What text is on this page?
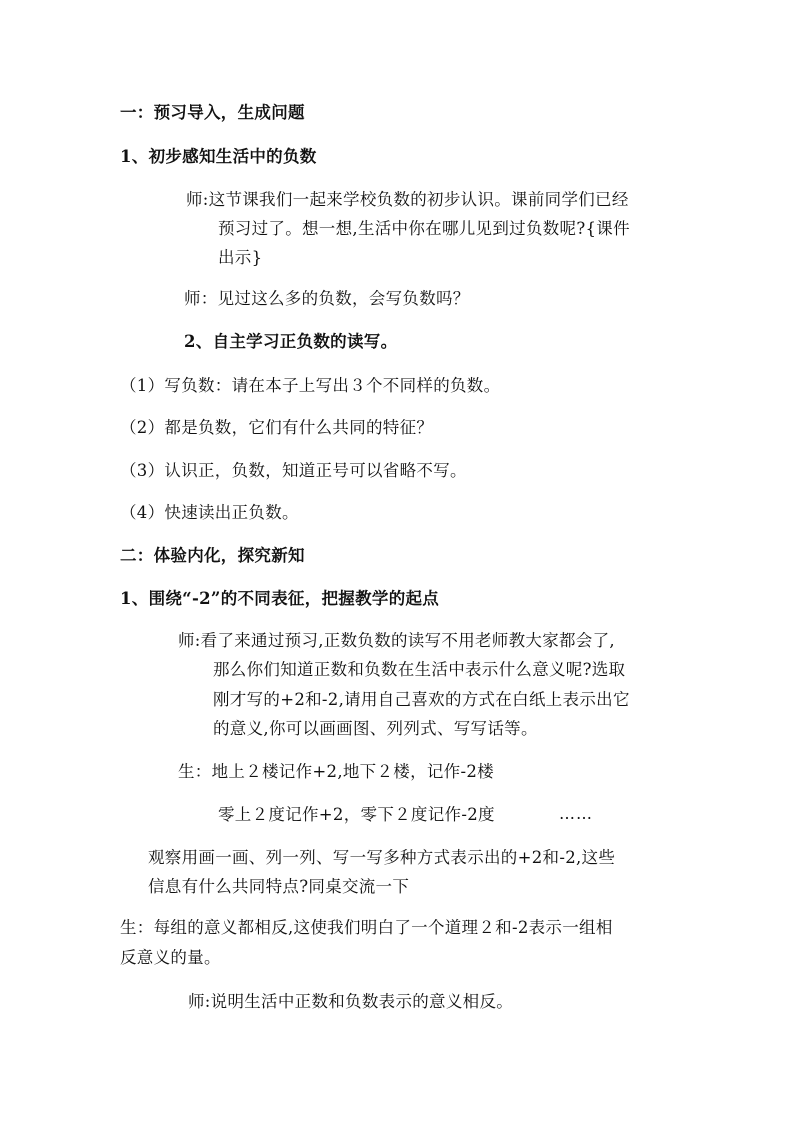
一：预习导入，生成问题
1、初步感知生活中的负数
师:这节课我们一起来学校负数的初步认识。课前同学们已经
预习过了。想一想,生活中你在哪儿见到过负数呢?{课件
出示}
师：见过这么多的负数，会写负数吗？
2、自主学习正负数的读写。
（1）写负数：请在本子上写出３个不同样的负数。
（2）都是负数，它们有什么共同的特征？
（3）认识正，负数，知道正号可以省略不写。
（4）快速读出正负数。
二：体验内化，探究新知
1、围绕“-2”的不同表征，把握教学的起点
师:看了来通过预习,正数负数的读写不用老师教大家都会了,
那么你们知道正数和负数在生活中表示什么意义呢?选取
刚才写的+2和-2,请用自己喜欢的方式在白纸上表示出它
的意义,你可以画画图、列列式、写写话等。
生：地上２楼记作+2,地下２楼，记作-2楼
零上２度记作+2，零下２度记作-2度	……
观察用画一画、列一列、写一写多种方式表示出的+2和-2,这些
信息有什么共同特点?同桌交流一下
生：每组的意义都相反,这使我们明白了一个道理２和-2表示一组相
反意义的量。
师:说明生活中正数和负数表示的意义相反。
